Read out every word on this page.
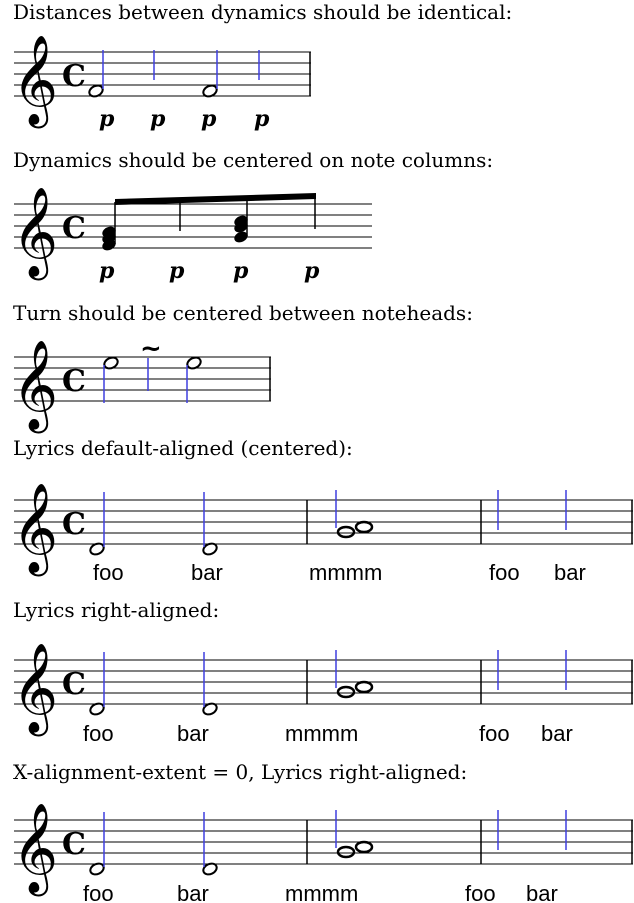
Distances between dynamics should be identical:
𝄞 C
p p p p
Dynamics should be centered on note columns:
𝄞 C
p p p	p
Turn should be centered between noteheads:
𝄞 C
~
Lyrics default-aligned (centered):
𝄞 C
foo	bar	mmmm	foo bar
Lyrics right-aligned:
𝄞 C
foo	bar	mmmm	foo bar
X-alignment-extent = 0, Lyrics right-aligned:
𝄞 C
foo	bar	mmmm	foo bar
